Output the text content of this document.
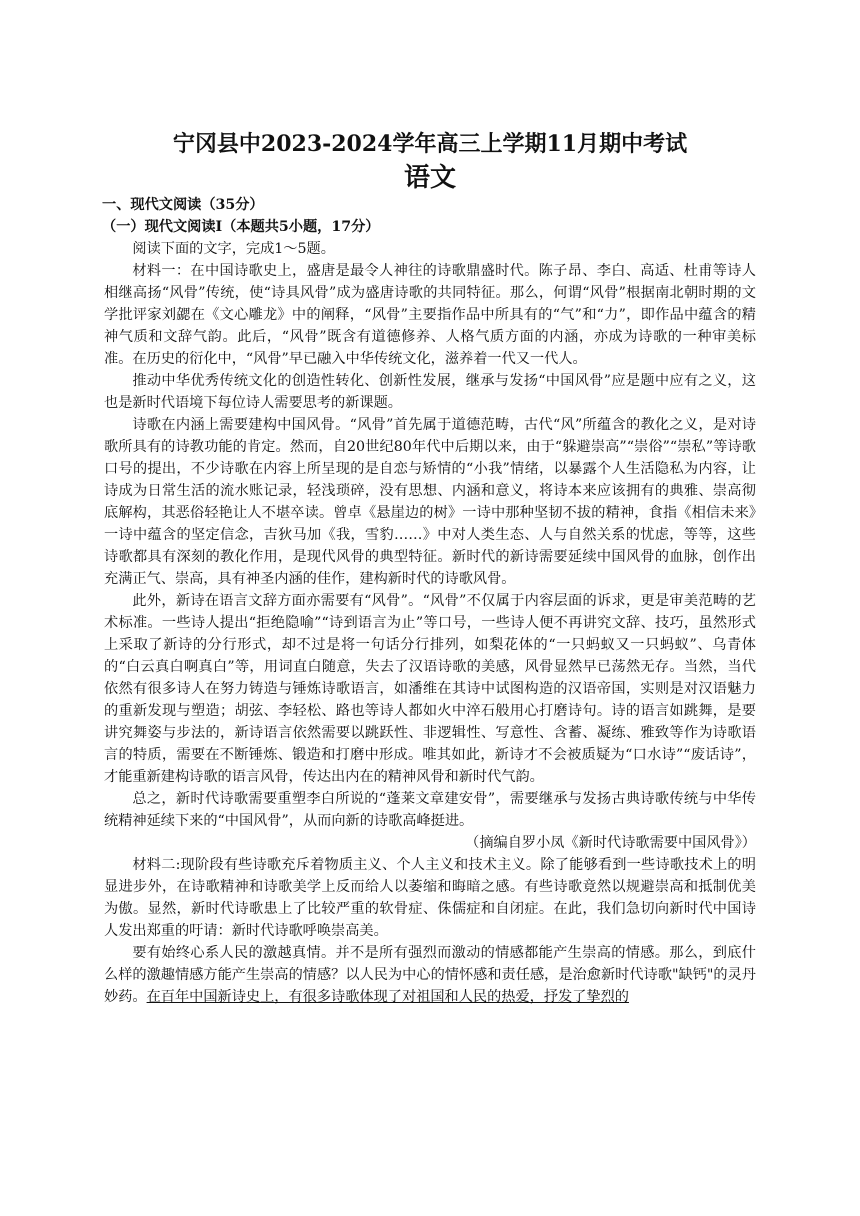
宁冈县中2023-2024学年高三上学期11月期中考试
语文
一、现代文阅读（35分）
（一）现代文阅读Ⅰ（本题共5小题，17分）

阅读下面的文字，完成1～5题。

材料一：在中国诗歌史上，盛唐是最令人神往的诗歌鼎盛时代。陈子昂、李白、高适、杜甫等诗人相继高扬“风骨”传统，使“诗具风骨”成为盛唐诗歌的共同特征。那么，何谓“风骨”根据南北朝时期的文学批评家刘勰在《文心雕龙》中的阐释，“风骨”主要指作品中所具有的“气”和“力”，即作品中蕴含的精神气质和文辞气韵。此后，“风骨”既含有道德修养、人格气质方面的内涵，亦成为诗歌的一种审美标准。在历史的衍化中，“风骨”早已融入中华传统文化，滋养着一代又一代人。

推动中华优秀传统文化的创造性转化、创新性发展，继承与发扬“中国风骨”应是题中应有之义，这也是新时代语境下每位诗人需要思考的新课题。

诗歌在内涵上需要建构中国风骨。“风骨”首先属于道德范畴，古代“风”所蕴含的教化之义，是对诗歌所具有的诗教功能的肯定。然而，自20世纪80年代中后期以来，由于“躲避崇高”“崇俗”“崇私”等诗歌口号的提出，不少诗歌在内容上所呈现的是自恋与矫情的“小我”情绪，以暴露个人生活隐私为内容，让诗成为日常生活的流水账记录，轻浅琐碎，没有思想、内涵和意义，将诗本来应该拥有的典雅、崇高彻底解构，其恶俗轻艳让人不堪卒读。曾卓《悬崖边的树》一诗中那种坚韧不拔的精神，食指《相信未来》一诗中蕴含的坚定信念，吉狄马加《我，雪豹……》中对人类生态、人与自然关系的忧虑，等等，这些诗歌都具有深刻的教化作用，是现代风骨的典型特征。新时代的新诗需要延续中国风骨的血脉，创作出充满正气、崇高，具有神圣内涵的佳作，建构新时代的诗歌风骨。

此外，新诗在语言文辞方面亦需要有“风骨”。“风骨”不仅属于内容层面的诉求，更是审美范畴的艺术标准。一些诗人提出“拒绝隐喻”“诗到语言为止”等口号，一些诗人便不再讲究文辞、技巧，虽然形式上采取了新诗的分行形式，却不过是将一句话分行排列，如梨花体的“一只蚂蚁又一只蚂蚁”、乌青体的“白云真白啊真白”等，用词直白随意，失去了汉语诗歌的美感，风骨显然早已荡然无存。当然，当代依然有很多诗人在努力铸造与锤炼诗歌语言，如潘维在其诗中试图构造的汉语帝国，实则是对汉语魅力的重新发现与塑造；胡弦、李轻松、路也等诗人都如火中淬石般用心打磨诗句。诗的语言如跳舞，是要讲究舞姿与步法的，新诗语言依然需要以跳跃性、非逻辑性、写意性、含蓄、凝练、雅致等作为诗歌语言的特质，需要在不断锤炼、锻造和打磨中形成。唯其如此，新诗才不会被质疑为“口水诗”“废话诗”，才能重新建构诗歌的语言风骨，传达出内在的精神风骨和新时代气韵。

总之，新时代诗歌需要重塑李白所说的“蓬莱文章建安骨”，需要继承与发扬古典诗歌传统与中华传统精神延续下来的“中国风骨”，从而向新的诗歌高峰挺进。

（摘编自罗小凤《新时代诗歌需要中国风骨》）

材料二:现阶段有些诗歌充斥着物质主义、个人主义和技术主义。除了能够看到一些诗歌技术上的明显进步外，在诗歌精神和诗歌美学上反而给人以萎缩和晦暗之感。有些诗歌竟然以规避崇高和抵制优美为傲。显然，新时代诗歌患上了比较严重的软骨症、侏儒症和自闭症。在此，我们急切向新时代中国诗人发出郑重的吁请：新时代诗歌呼唤崇高美。

要有始终心系人民的激越真情。并不是所有强烈而激动的情感都能产生崇高的情感。那么，到底什么样的激趣情感方能产生崇高的情感？以人民为中心的情怀感和责任感，是治愈新时代诗歌"缺钙"的灵丹妙药。在百年中国新诗史上，有很多诗歌体现了对祖国和人民的热爱，抒发了挚烈的
